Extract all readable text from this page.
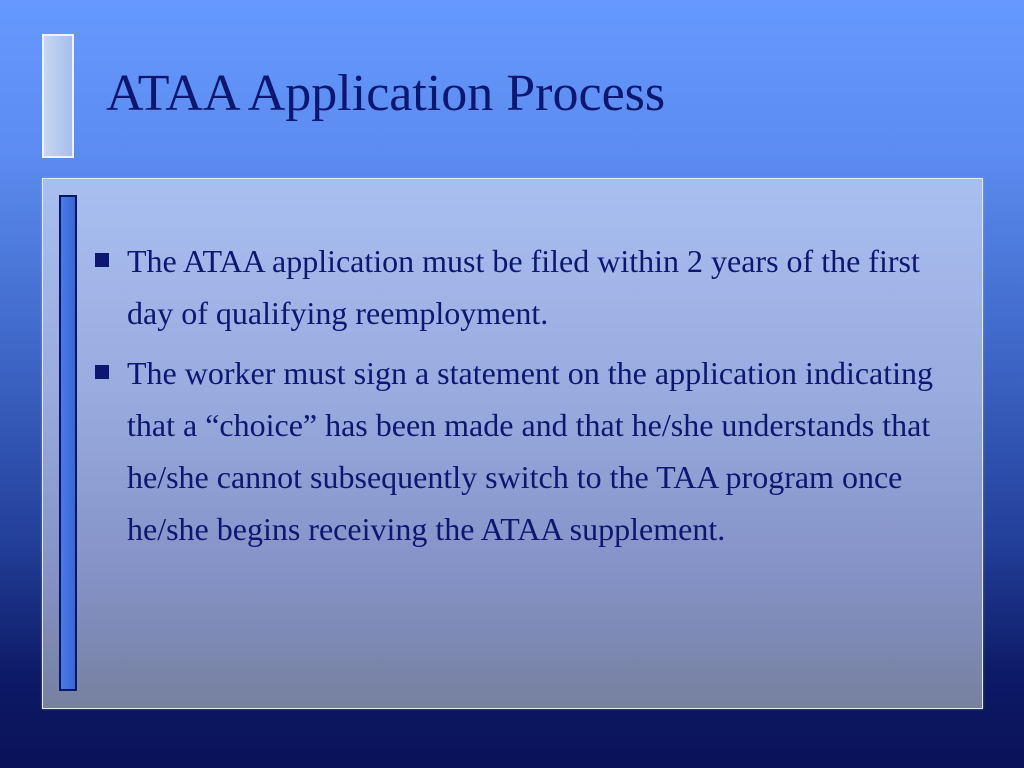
ATAA Application Process
The ATAA application must be filed within 2 years of the first day of qualifying reemployment.
The worker must sign a statement on the application indicating that a “choice” has been made and that he/she understands that he/she cannot subsequently switch to the TAA program once he/she begins receiving the ATAA supplement.
